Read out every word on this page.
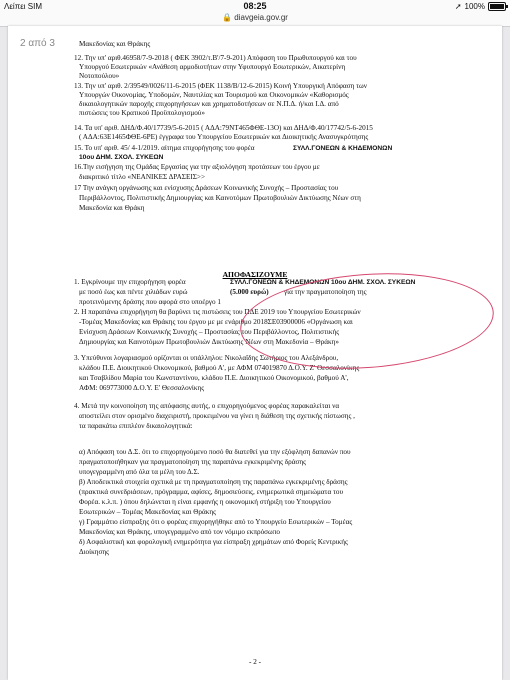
Λείπει SIM	08:25	➚ 100%
🔒 diavgeia.gov.gr
2 από 3	Μακεδονίας και Θράκης
12. Την υπ' αριθ.46958/7-9-2018 ( ΦΕΚ 3902/τ.Β'/7-9-201) Απόφαση του Πρωθυπουργού και του
Υπουργού Εσωτερικών «Ανάθεση αρμοδιοτήτων στην Υφυπουργό Εσωτερικών, Αικατερίνη
Νοτοπούλου»
13. Την υπ' αριθ. 2/39549/0026/11-6-2015 (ΦΕΚ 1138/Β/12-6-2015) Κοινή Υπουργική Απόφαση των
Υπουργών Οικονομίας, Υποδομών, Ναυτιλίας και Τουρισμού και Οικονομικών «Καθορισμός
δικαιολογητικών παροχής επιχορηγήσεων και χρηματοδοτήσεων σε Ν.Π.Δ. ή/και Ι.Δ. από
πιστώσεις του Κρατικού Προϋπολογισμού»
14. Τα υπ' αριθ. ΔΗΔ/Φ.40/17739/5-6-2015 ( ΑΔΑ:79ΝΤ465ΦΘΕ-13Ο) και ΔΗΔ/Φ.40/17742/5-6-2015
( ΑΔΑ:63Ε1465ΦΘΕ-6ΡΕ) έγγραφα του Υπουργείου Εσωτερικών και Διοικητικής Ανασυγκρότησης
15. Το υπ' αριθ. 45/ 4-1/2019. αίτημα επιχορήγησης του φορέα	ΣΥΛΛ.ΓΟΝΕΩΝ & ΚΗΔΕΜΟΝΩΝ
10ου ΔΗΜ. ΣΧΟΛ. ΣΥΚΕΩΝ
16.Την εισήγηση της Ομάδας Εργασίας για την αξιολόγηση προτάσεων του έργου με
διακριτικό τίτλο «ΝΕΑΝΙΚΕΣ ΔΡΑΣΕΙΣ>>
17 Την ανάγκη οργάνωσης και ενίσχυσης Δράσεων Κοινωνικής Συνοχής – Προστασίας του
Περιβάλλοντος, Πολιτιστικής Δημιουργίας και Καινοτόμων Πρωτοβουλιών Δικτύωσης Νέων στη
Μακεδονία και Θράκη
1. Εγκρίνουμε την επιχορήγηση φορέα	ΣΥΛΛ.ΓΟΝΕΩΝ & ΚΗΔΕΜΟΝΩΝ 10ου ΔΗΜ. ΣΧΟΛ. ΣΥΚΕΩΝ
με ποσό έως και πέντε χιλιάδων ευρώ	(5.000 ευρώ) για την πραγματοποίηση της
προτεινόμενης δράσης που αφορά στο υποέργο 1
2. Η παραπάνω επιχορήγηση θα βαρύνει τις πιστώσεις του ΠΔΕ 2019 του Υπουργείου Εσωτερικών
-Τομέας Μακεδονίας και Θράκης του έργου με με ενάριθμο 2018ΣΕ03900006 «Οργάνωση και
Ενίσχυση Δράσεων Κοινωνικής Συνοχής – Προστασίας του Περιβάλλοντος, Πολιτιστικής
Δημιουργίας και Καινοτόμων Πρωτοβουλιών Δικτύωσης Νέων στη Μακεδονία – Θράκη»
3. Υπεύθυνοι λογαριασμού ορίζονται οι υπάλληλοι: Νικολαΐδης Σωτήριος του Αλεξάνδρου,
κλάδου Π.Ε. Διοικητικού Οικονομικού, βαθμού Α', με ΑΦΜ 074019870 Δ.Ο.Υ. Ζ' Θεσσαλονίκης
και Τσαβλίδου Μαρία του Κωνσταντίνου, κλάδου Π.Ε. Διοικητικού Οικονομικού, βαθμού Α',
ΑΦΜ: 069773000 Δ.Ο.Υ. Ε' Θεσσαλονίκης
4. Μετά την κοινοποίηση της απόφασης αυτής, ο επιχορηγούμενος φορέας παρακαλείται να
αποστείλει στον ορισμένο διαχειριστή, προκειμένου να γίνει η διάθεση της σχετικής πίστωσης ,
τα παρακάτω επιπλέον δικαιολογητικά:
α) Απόφαση του Δ.Σ. ότι το επιχορηγούμενο ποσό θα διατεθεί για την εξόφληση δαπανών που
πραγματοποιήθηκαν για πραγματοποίηση της παραπάνω εγκεκριμένης δράσης
υπογεγραμμένη από όλα τα μέλη του Δ.Σ.
β) Αποδεικτικά στοιχεία σχετικά με τη πραγματοποίηση της παραπάνω εγκεκριμένης δράσης
(πρακτικά συνεδριάσεων, πρόγραμμα, αφίσες, δημοσιεύσεις, ενημερωτικά σημειώματα του
Φορέα. κ.λ.π. ) όπου δηλώνεται η είναι εμφανής η οικονομική στήριξη του Υπουργείου
Εσωτερικών – Τομέας Μακεδονίας και Θράκης
γ) Γραμμάτιο είσπραξης ότι ο φορέας επιχορηγήθηκε από το Υπουργείο Εσωτερικών – Τομέας
Μακεδονίας και Θράκης, υπογεγραμμένο από τον νόμιμο εκπρόσωπο
δ) Ασφαλιστική και φορολογική ενημερότητα για είσπραξη χρημάτων από Φορείς Κεντρικής
Διοίκησης
ΑΠΟΦΑΣΙΖΟΥΜΕ
- 2 -
